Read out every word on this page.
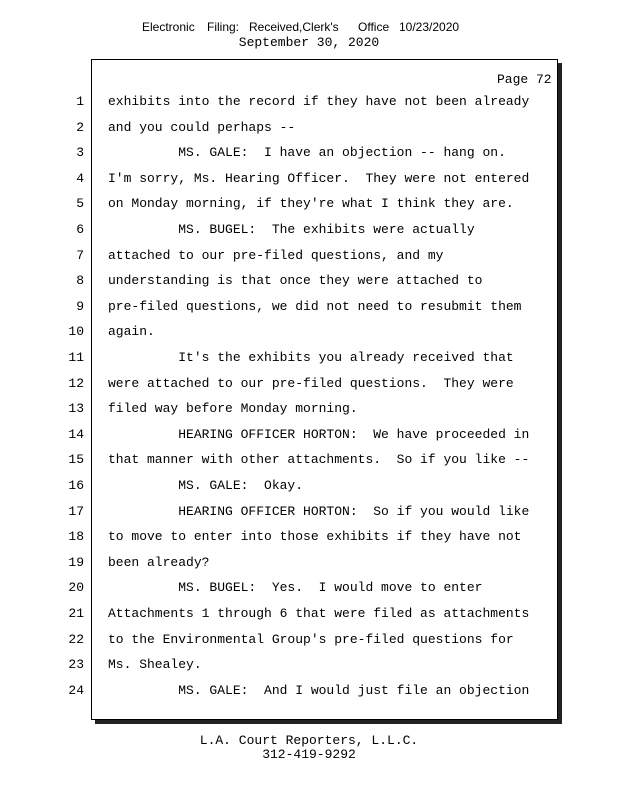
Electronic Filing: Received,Clerk's Office 10/23/2020
September 30, 2020
Page 72
1 exhibits into the record if they have not been already
2 and you could perhaps --
3 MS. GALE:  I have an objection -- hang on.
4 I'm sorry, Ms. Hearing Officer.  They were not entered
5 on Monday morning, if they're what I think they are.
6 MS. BUGEL:  The exhibits were actually
7 attached to our pre-filed questions, and my
8 understanding is that once they were attached to
9 pre-filed questions, we did not need to resubmit them
10 again.
11 It's the exhibits you already received that
12 were attached to our pre-filed questions.  They were
13 filed way before Monday morning.
14 HEARING OFFICER HORTON:  We have proceeded in
15 that manner with other attachments.  So if you like --
16 MS. GALE:  Okay.
17 HEARING OFFICER HORTON:  So if you would like
18 to move to enter into those exhibits if they have not
19 been already?
20 MS. BUGEL:  Yes.  I would move to enter
21 Attachments 1 through 6 that were filed as attachments
22 to the Environmental Group's pre-filed questions for
23 Ms. Shealey.
24 MS. GALE:  And I would just file an objection
L.A. Court Reporters, L.L.C.
312-419-9292
